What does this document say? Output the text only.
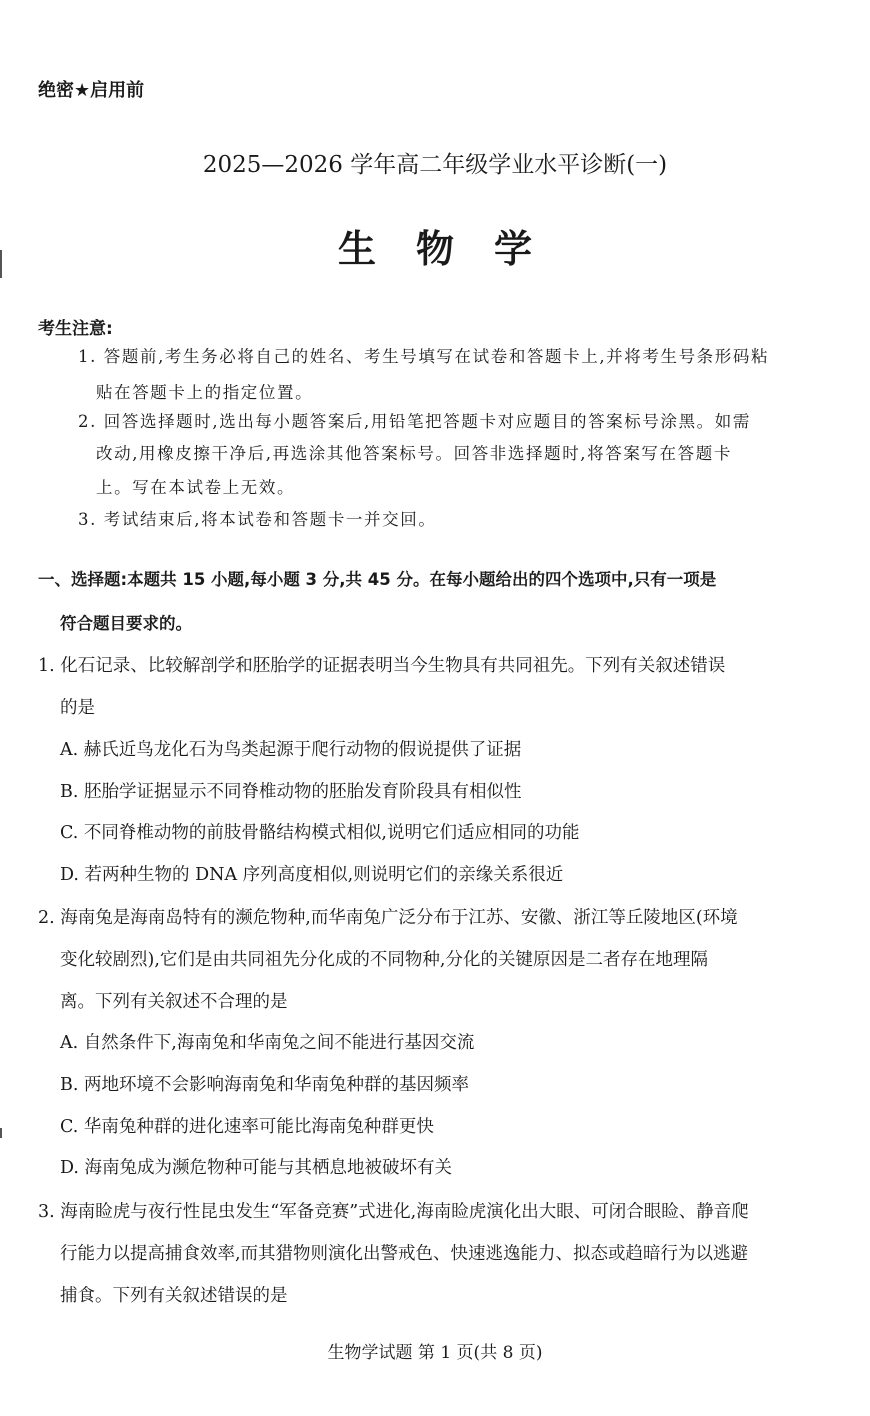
绝密★启用前
2025—2026 学年高二年级学业水平诊断(一)
生物学
考生注意:
1. 答题前,考生务必将自己的姓名、考生号填写在试卷和答题卡上,并将考生号条形码粘
贴在答题卡上的指定位置。
2. 回答选择题时,选出每小题答案后,用铅笔把答题卡对应题目的答案标号涂黑。如需
改动,用橡皮擦干净后,再选涂其他答案标号。回答非选择题时,将答案写在答题卡
上。写在本试卷上无效。
3. 考试结束后,将本试卷和答题卡一并交回。
一、选择题:本题共 15 小题,每小题 3 分,共 45 分。在每小题给出的四个选项中,只有一项是
符合题目要求的。
1. 化石记录、比较解剖学和胚胎学的证据表明当今生物具有共同祖先。下列有关叙述错误
的是
A. 赫氏近鸟龙化石为鸟类起源于爬行动物的假说提供了证据
B. 胚胎学证据显示不同脊椎动物的胚胎发育阶段具有相似性
C. 不同脊椎动物的前肢骨骼结构模式相似,说明它们适应相同的功能
D. 若两种生物的 DNA 序列高度相似,则说明它们的亲缘关系很近
2. 海南兔是海南岛特有的濒危物种,而华南兔广泛分布于江苏、安徽、浙江等丘陵地区(环境
变化较剧烈),它们是由共同祖先分化成的不同物种,分化的关键原因是二者存在地理隔
离。下列有关叙述不合理的是
A. 自然条件下,海南兔和华南兔之间不能进行基因交流
B. 两地环境不会影响海南兔和华南兔种群的基因频率
C. 华南兔种群的进化速率可能比海南兔种群更快
D. 海南兔成为濒危物种可能与其栖息地被破坏有关
3. 海南睑虎与夜行性昆虫发生“军备竞赛”式进化,海南睑虎演化出大眼、可闭合眼睑、静音爬
行能力以提高捕食效率,而其猎物则演化出警戒色、快速逃逸能力、拟态或趋暗行为以逃避
捕食。下列有关叙述错误的是
生物学试题 第 1 页(共 8 页)
